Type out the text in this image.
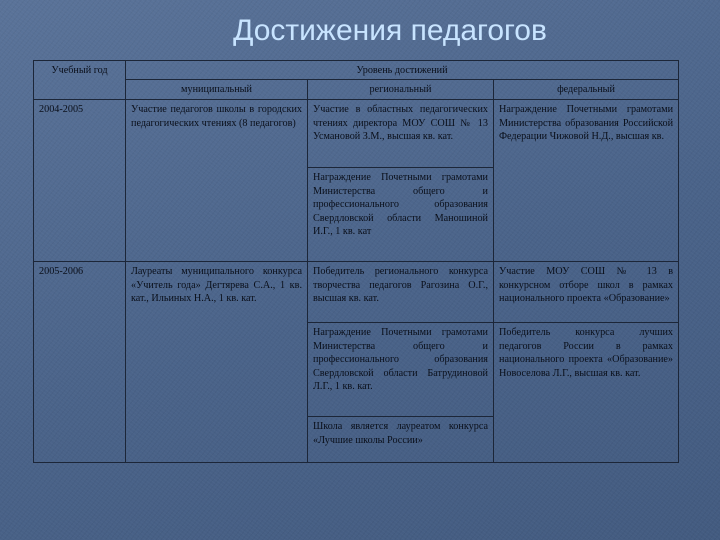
Достижения педагогов
Учебный год	Уровень достижений		
	муниципальный	региональный	федеральный
2004-2005	Участие педагогов школы в городских педагогических чтениях (8 педагогов)	Участие в областных педагогических чтениях директора МОУ СОШ № 13 Усмановой З.М., высшая кв. кат.	Награждение Почетными грамотами Министерства образования Российской Федерации Чижовой Н.Д., высшая кв.
		Награждение Почетными грамотами Министерства общего и профессионального образования Свердловской области Маношиной И.Г., 1 кв. кат	
2005-2006	Лауреаты муниципального конкурса «Учитель года» Дегтярева С.А., 1 кв. кат., Ильиных Н.А., 1 кв. кат.	Победитель регионального конкурса творчества педагогов Рагозина О.Г., высшая кв. кат.	Участие МОУ СОШ № 13 в конкурсном отборе школ в рамках национального проекта «Образование»
		Награждение Почетными грамотами Министерства общего и профессионального образования Свердловской области Батрудиновой Л.Г., 1 кв. кат.	Победитель конкурса лучших педагогов России в рамках национального проекта «Образование» Новоселова Л.Г., высшая кв. кат.
		Школа является лауреатом конкурса «Лучшие школы России»	
